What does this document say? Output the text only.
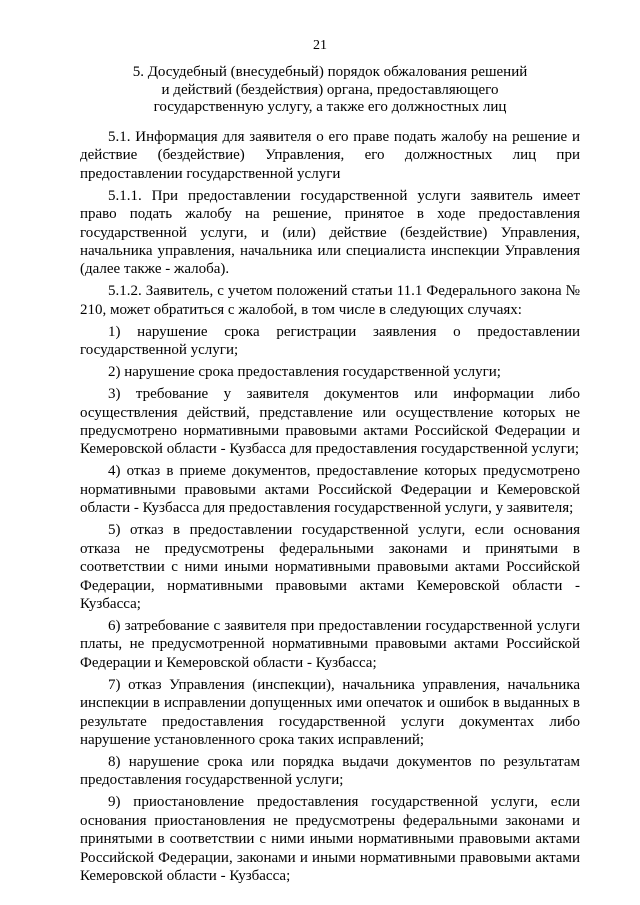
21
5. Досудебный (внесудебный) порядок обжалования решений
и действий (бездействия) органа, предоставляющего
государственную услугу, а также его должностных лиц

5.1. Информация для заявителя о его праве подать жалобу на решение и действие (бездействие) Управления, его должностных лиц при предоставлении государственной услуги

5.1.1. При предоставлении государственной услуги заявитель имеет право подать жалобу на решение, принятое в ходе предоставления государственной услуги, и (или) действие (бездействие) Управления, начальника управления, начальника или специалиста инспекции Управления (далее также - жалоба).

5.1.2. Заявитель, с учетом положений статьи 11.1 Федерального закона № 210, может обратиться с жалобой, в том числе в следующих случаях:

1) нарушение срока регистрации заявления о предоставлении государственной услуги;

2) нарушение срока предоставления государственной услуги;

3) требование у заявителя документов или информации либо осуществления действий, представление или осуществление которых не предусмотрено нормативными правовыми актами Российской Федерации и Кемеровской области - Кузбасса для предоставления государственной услуги;

4) отказ в приеме документов, предоставление которых предусмотрено нормативными правовыми актами Российской Федерации и Кемеровской области - Кузбасса для предоставления государственной услуги, у заявителя;

5) отказ в предоставлении государственной услуги, если основания отказа не предусмотрены федеральными законами и принятыми в соответствии с ними иными нормативными правовыми актами Российской Федерации, нормативными правовыми актами Кемеровской области - Кузбасса;

6) затребование с заявителя при предоставлении государственной услуги платы, не предусмотренной нормативными правовыми актами Российской Федерации и Кемеровской области - Кузбасса;

7) отказ Управления (инспекции), начальника управления, начальника инспекции в исправлении допущенных ими опечаток и ошибок в выданных в результате предоставления государственной услуги документах либо нарушение установленного срока таких исправлений;

8) нарушение срока или порядка выдачи документов по результатам предоставления государственной услуги;

9) приостановление предоставления государственной услуги, если основания приостановления не предусмотрены федеральными законами и принятыми в соответствии с ними иными нормативными правовыми актами Российской Федерации, законами и иными нормативными правовыми актами Кемеровской области - Кузбасса;
